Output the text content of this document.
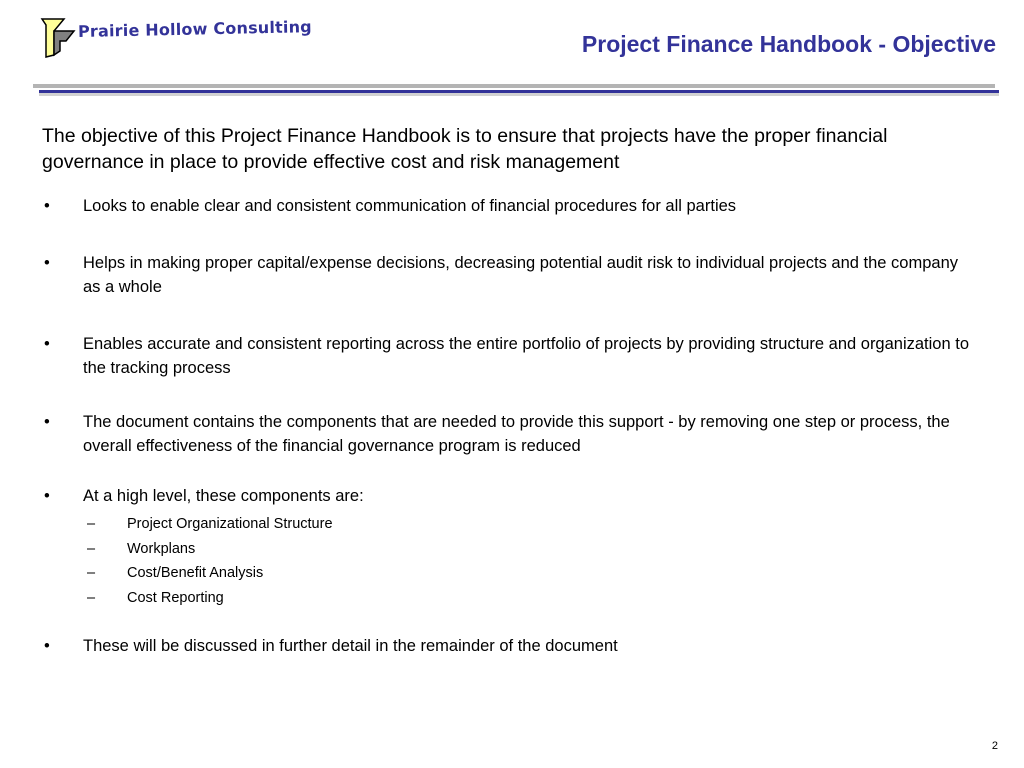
Prairie Hollow Consulting
Project Finance Handbook - Objective
The objective of this Project Finance Handbook is to ensure that projects have the proper financial governance in place to provide effective cost and risk management
• Looks to enable clear and consistent communication of financial procedures for all parties
• Helps in making proper capital/expense decisions, decreasing potential audit risk to individual projects and the company as a whole
• Enables accurate and consistent reporting across the entire portfolio of projects by providing structure and organization to the tracking process
• The document contains the components that are needed to provide this support - by removing one step or process, the overall effectiveness of the financial governance program is reduced
• At a high level, these components are:
– Project Organizational Structure
– Workplans
– Cost/Benefit Analysis
– Cost Reporting
• These will be discussed in further detail in the remainder of the document
2
